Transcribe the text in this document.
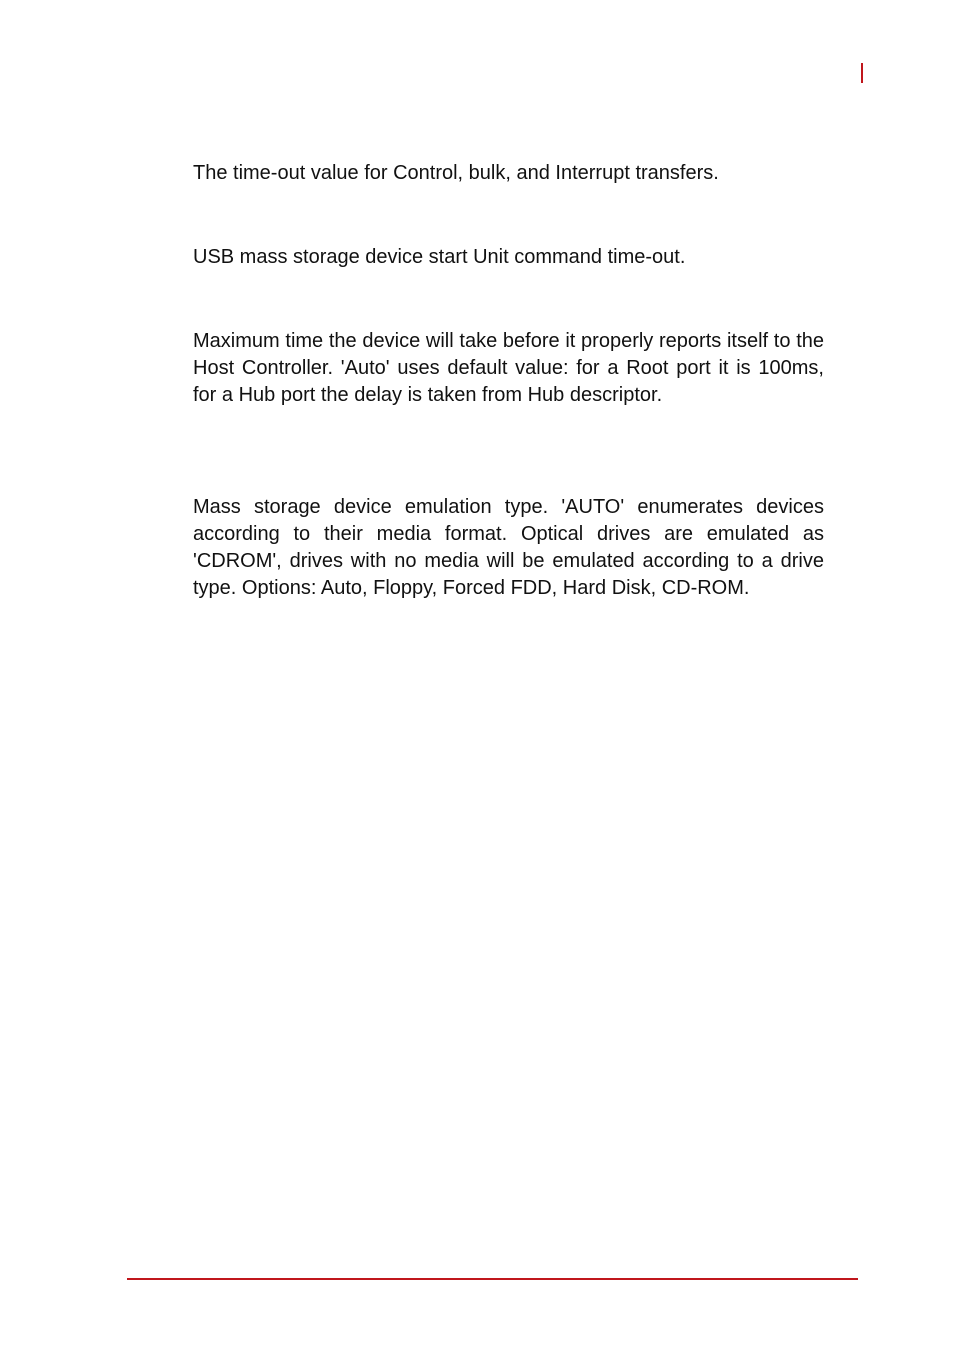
The time-out value for Control, bulk, and Interrupt transfers.

USB mass storage device start Unit command time-out.

Maximum time the device will take before it properly reports itself to the Host Controller. 'Auto' uses default value: for a Root port it is 100ms, for a Hub port the delay is taken from Hub descriptor.

Mass storage device emulation type. 'AUTO' enumerates devices according to their media format. Optical drives are emulated as 'CDROM', drives with no media will be emulated according to a drive type. Options: Auto, Floppy, Forced FDD, Hard Disk, CD-ROM.
